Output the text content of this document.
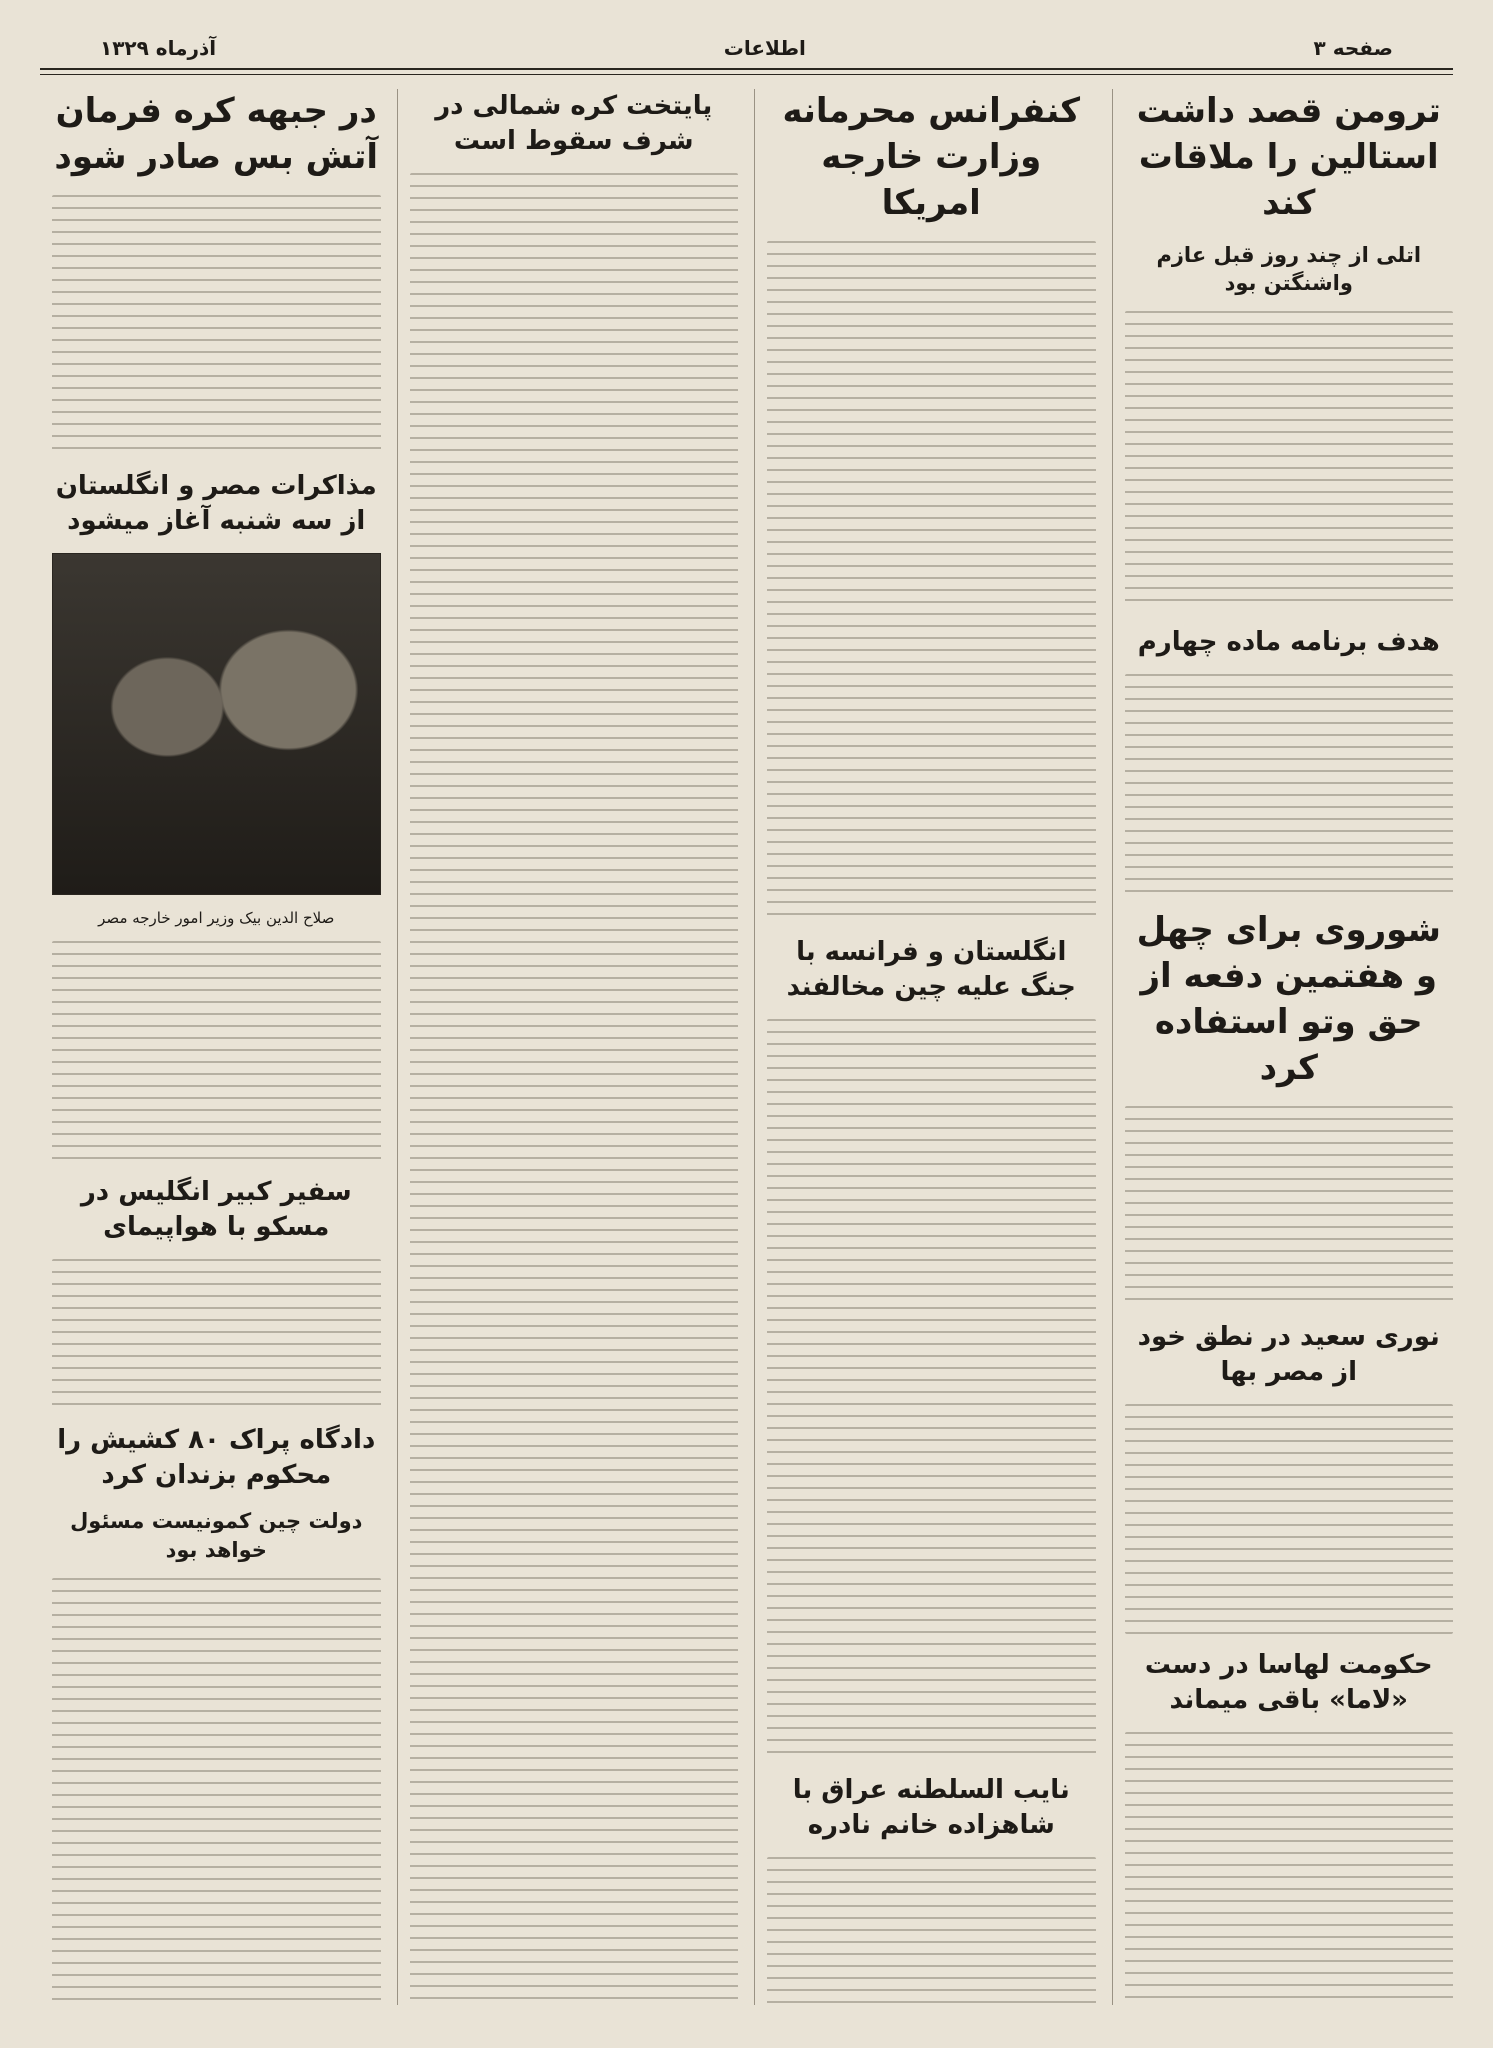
صفحه ۳
اطلاعات
آذرماه ۱۳۲۹
ترومن قصد داشت استالین را ملاقات کند
اتلی از چند روز قبل عازم واشنگتن بود
هدف برنامه ماده چهارم
شوروی برای چهل و هفتمین دفعه از حق وتو استفاده کرد
نوری سعید در نطق خود از مصر بها
حکومت لهاسا در دست «لاما» باقی میماند
کنفرانس محرمانه وزارت خارجه امریکا
انگلستان و فرانسه با جنگ علیه چین مخالفند
نایب السلطنه عراق با شاهزاده خانم نادره
پایتخت کره شمالی در شرف سقوط است
در جبهه کره فرمان آتش بس صادر شود
مذاکرات مصر و انگلستان از سه شنبه آغاز میشود
صلاح الدین بیک وزیر امور خارجه مصر
سفیر کبیر انگلیس در مسکو با هواپیمای
دادگاه پراک ۸۰ کشیش را محکوم بزندان کرد
دولت چین کمونیست مسئول خواهد بود
